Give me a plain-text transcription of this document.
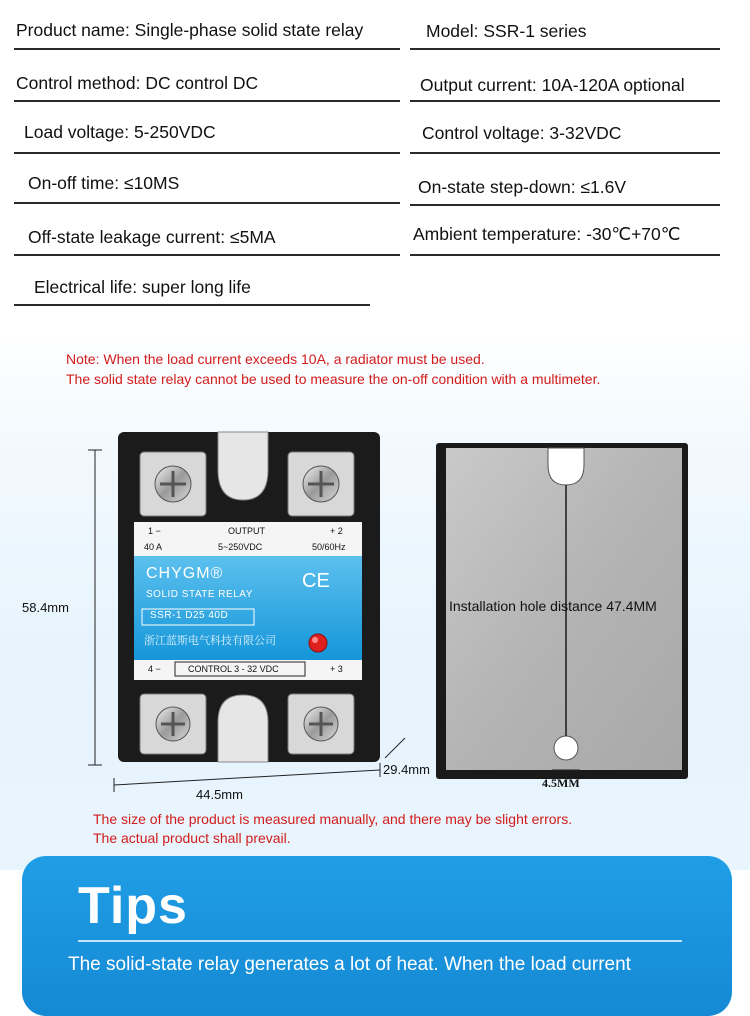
Product name: Single-phase solid state relay	Model: SSR-1 series
Control method: DC control DC	Output current: 10A-120A optional
Load voltage: 5-250VDC	Control voltage: 3-32VDC
On-off time: ≤10MS	On-state step-down: ≤1.6V
Off-state leakage current: ≤5MA	Ambient temperature: -30℃+70℃
Electrical life: super long life
Note: When the load current exceeds 10A, a radiator must be used.
The solid state relay cannot be used to measure the on-off condition with a multimeter.
1 −	OUTPUT	+ 2
40 A	5~250VDC	50/60Hz
CHYGM®
SOLID STATE RELAY
CE
SSR-1 D25 40D
浙江蓝斯电气科技有限公司
4 −	CONTROL 3 - 32 VDC	+ 3
58.4mm
44.5mm
29.4mm
Installation hole distance 47.4MM
4.5MM
The size of the product is measured manually, and there may be slight errors.
The actual product shall prevail.
Tips
The solid-state relay generates a lot of heat. When the load current
